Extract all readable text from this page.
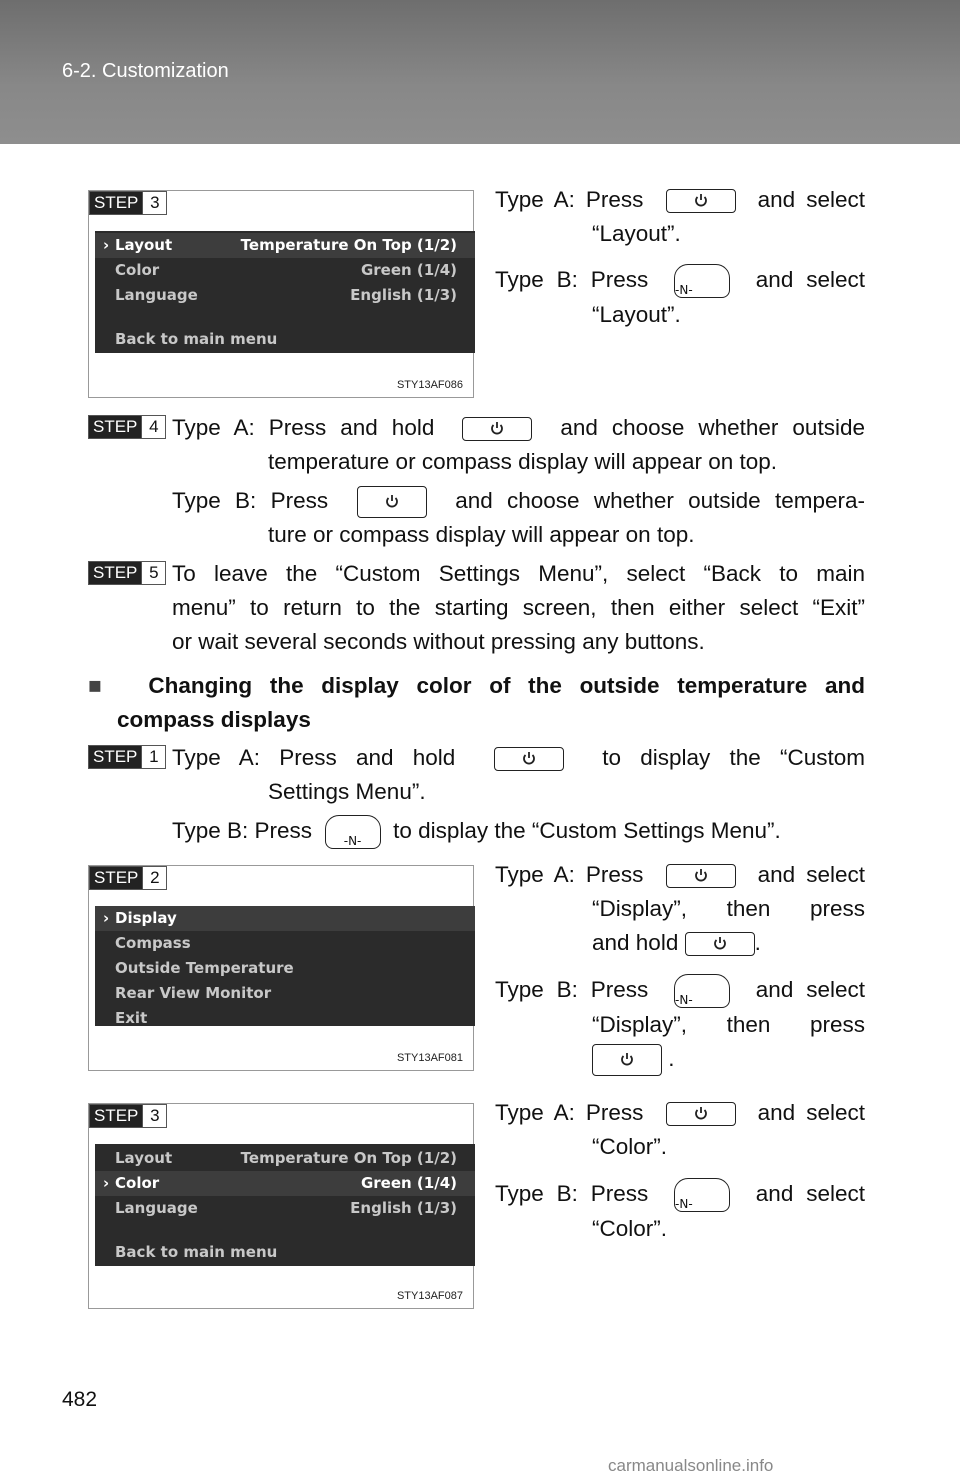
6-2. Customization
STEP 3
› Layout	Temperature On Top (1/2)
Color	Green (1/4)
Language	English (1/3)
Back to main menu
STY13AF086
Type A: Press	and select
“Layout”.
Type B: Press -N-	and select
“Layout”.
STEP 4 Type A: Press and hold	and choose whether outside
temperature or compass display will appear on top.
Type B: Press	and choose whether outside tempera-
ture or compass display will appear on top.
STEP 5 To leave the “Custom Settings Menu”, select “Back to main
menu” to return to the starting screen, then either select “Exit”
or wait several seconds without pressing any buttons.
■ Changing the display color of the outside temperature and
compass displays
STEP 1 Type A: Press and hold	to display the “Custom
Settings Menu”.
Type B: Press	-N-	to display the “Custom Settings Menu”.
STEP 2
› Display
Compass
Outside Temperature
Rear View Monitor
Exit
STY13AF081
Type A: Press	and select
“Display”, then press
and hold	.
Type B: Press -N-	and select
“Display”, then press
.
STEP 3
Layout	Temperature On Top (1/2)
› Color	Green (1/4)
Language	English (1/3)
Back to main menu
STY13AF087
Type A: Press	and select
“Color”.
Type B: Press -N-	and select
“Color”.
482
carmanualsonline.info
